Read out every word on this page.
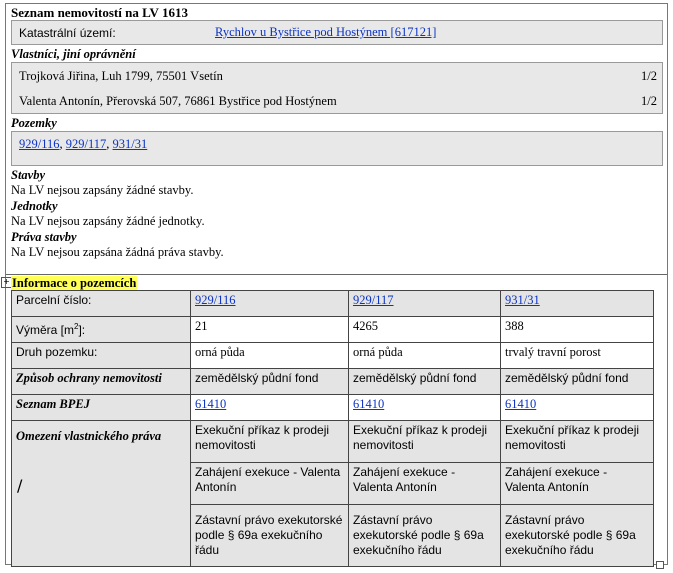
Seznam nemovitostí na LV 1613
Katastrální území:	Rychlov u Bystřice pod Hostýnem [617121]
Vlastníci, jiní oprávnění
Trojková Jiřina, Luh 1799, 75501 Vsetín	1/2
Valenta Antonín, Přerovská 507, 76861 Bystřice pod Hostýnem	1/2
Pozemky
929/116, 929/117, 931/31
Stavby
Na LV nejsou zapsány žádné stavby.
Jednotky
Na LV nejsou zapsány žádné jednotky.
Práva stavby
Na LV nejsou zapsána žádná práva stavby.
+ Informace o pozemcích
Parcelní číslo:	929/116	929/117	931/31
Výměra $[m^2]$:	21	4265	388
Druh pozemku:	orná půda	orná půda	trvalý travní porost
Způsob ochrany nemovitosti	zemědělský půdní fond	zemědělský půdní fond	zemědělský půdní fond
Seznam BPEJ	61410	61410	61410
Omezení vlastnického práva	Exekuční příkaz k prodeji nemovitosti	Exekuční příkaz k prodeji nemovitosti	Exekuční příkaz k prodeji nemovitosti
	Zahájení exekuce - Valenta Antonín	Zahájení exekuce - Valenta Antonín	Zahájení exekuce - Valenta Antonín
	Zástavní právo exekutorské podle § 69a exekučního řádu	Zástavní právo exekutorské podle § 69a exekučního řádu	Zástavní právo exekutorské podle § 69a exekučního řádu
/
